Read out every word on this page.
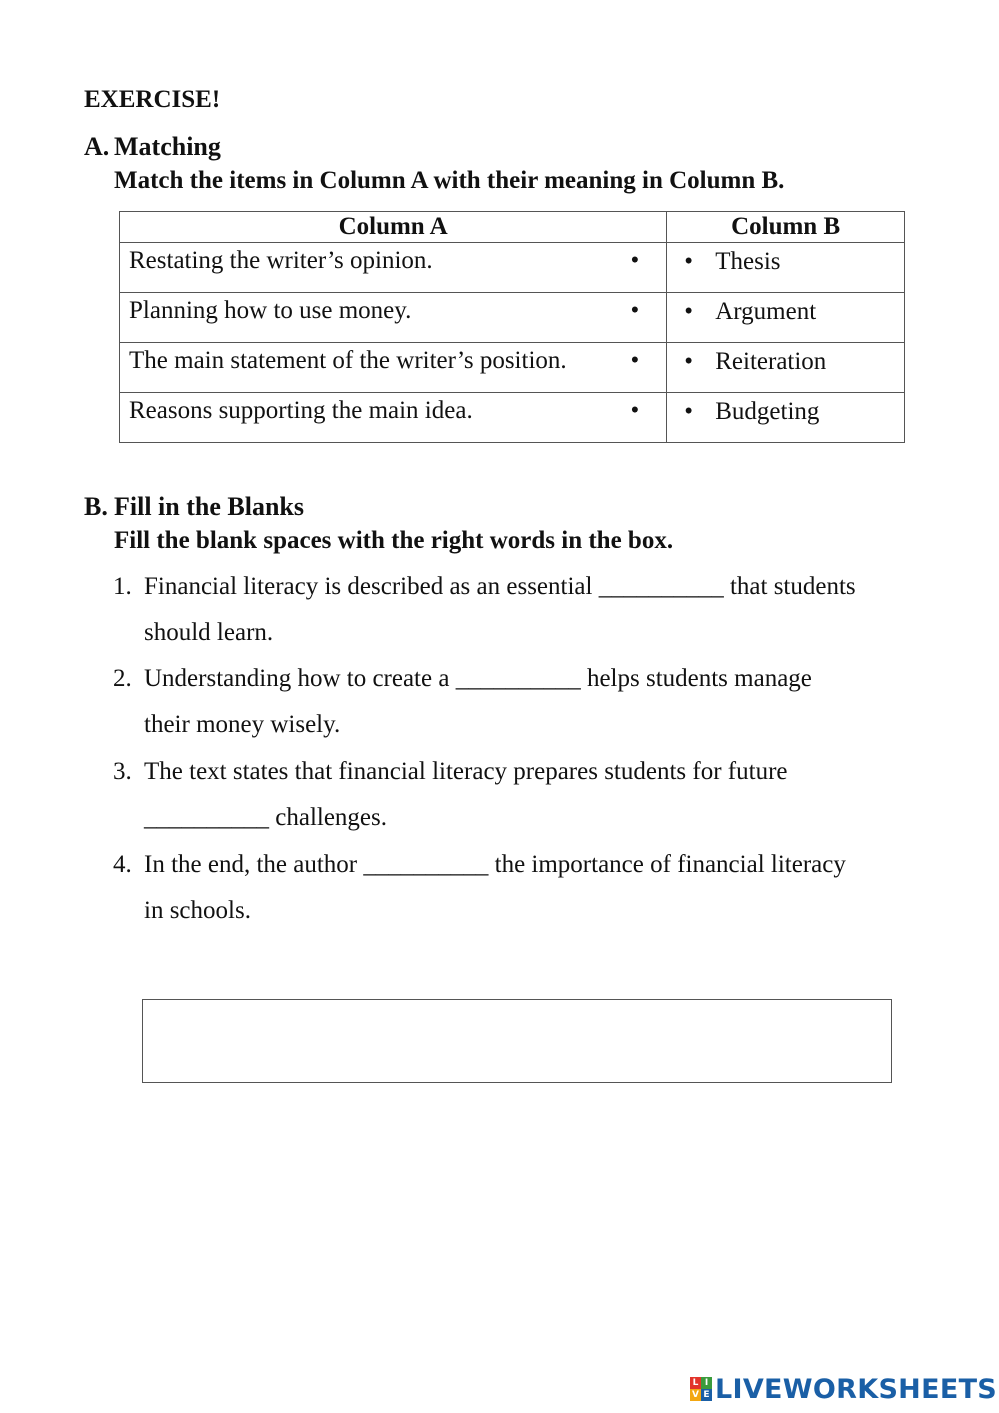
EXERCISE!
A. Matching
Match the items in Column A with their meaning in Column B.
Column A	Column B

Restating the writer’s opinion. •	• Thesis

Planning how to use money. •	• Argument

The main statement of the writer’s position. •	• Reiteration

Reasons supporting the main idea. •	• Budgeting
B. Fill in the Blanks
Fill the blank spaces with the right words in the box.
1. Financial literacy is described as an essential __________ that students
should learn.
2. Understanding how to create a __________ helps students manage
their money wisely.
3. The text states that financial literacy prepares students for future
__________ challenges.
4. In the end, the author __________ the importance of financial literacy
in schools.
L I
V E LIVEWORKSHEETS
